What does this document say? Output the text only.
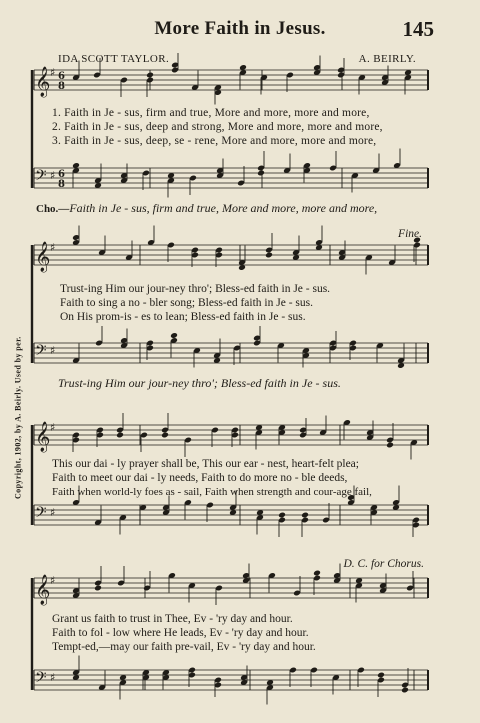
More Faith in Jesus.	145
IDA SCOTT TAYLOR.	A. BEIRLY.
Copyright, 1902, by A. Beirly. Used by per.
𝄞 ♯ 6
8
𝄢 ♯ 6
8
𝄞 ♯
𝄢 ♯
𝄞 ♯
𝄢 ♯
𝄞 ♯
𝄢 ♯
1. Faith in Je - sus, firm and true, More and more, more and more,
2. Faith in Je - sus, deep and strong, More and more, more and more,
3. Faith in Je - sus, deep, se - rene, More and more, more and more,
Cho.—Faith in Je - sus, firm and true, More and more, more and more,
Fine.
Trust-ing Him our jour-ney thro'; Bless-ed faith in Je - sus.
Faith to sing a no - bler song; Bless-ed faith in Je - sus.
On His prom-is - es to lean; Bless-ed faith in Je - sus.
Trust-ing Him our jour-ney thro'; Bless-ed faith in Je - sus.
This our dai - ly prayer shall be, This our ear - nest, heart-felt plea;
Faith to meet our dai - ly needs, Faith to do more no - ble deeds,
Faith when world-ly foes as - sail, Faith when strength and cour-age fail,
D. C. for Chorus.
Grant us faith to trust in Thee, Ev - 'ry day and hour.
Faith to fol - low where He leads, Ev - 'ry day and hour.
Tempt-ed,—may our faith pre-vail, Ev - 'ry day and hour.
